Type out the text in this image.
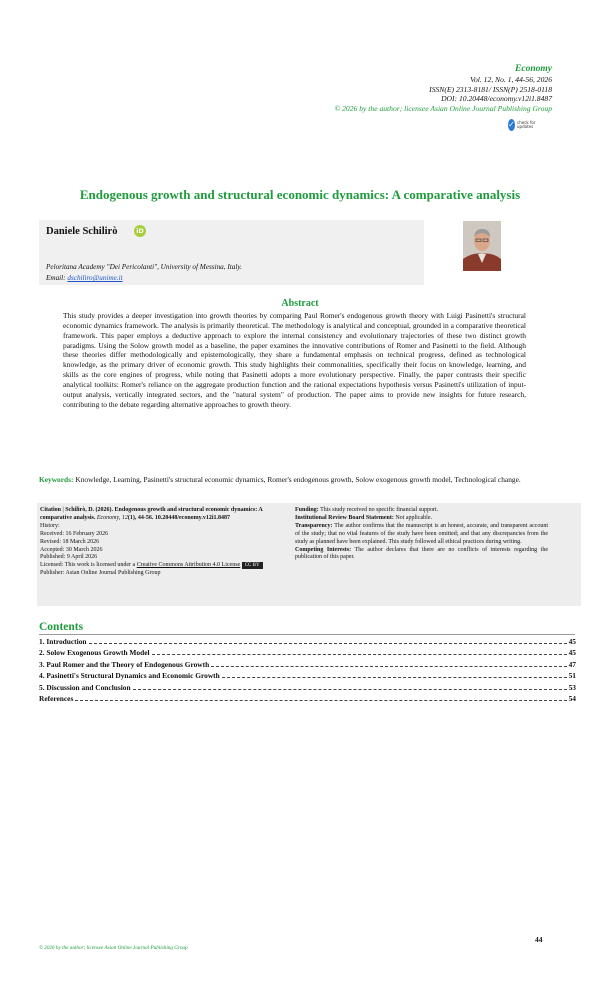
Economy
Vol. 12, No. 1, 44-56, 2026
ISSN(E) 2313-8181/ ISSN(P) 2518-0118
DOI: 10.20448/economy.v12i1.8487
© 2026 by the author; licensee Asian Online Journal Publishing Group
✓ check for updates
Endogenous growth and structural economic dynamics: A comparative analysis
Daniele Schilirò	iD
Peloritana Academy "Dei Pericolanti", University of Messina, Italy.
Email: dschiliro@unime.it
Abstract
This study provides a deeper investigation into growth theories by comparing Paul Romer's endogenous growth theory with Luigi Pasinetti's structural economic dynamics framework. The analysis is primarily theoretical. The methodology is analytical and conceptual, grounded in a comparative theoretical framework. This paper employs a deductive approach to explore the internal consistency and evolutionary trajectories of these two distinct growth paradigms. Using the Solow growth model as a baseline, the paper examines the innovative contributions of Romer and Pasinetti to the field. Although these theories differ methodologically and epistemologically, they share a fundamental emphasis on technical progress, defined as technological knowledge, as the primary driver of economic growth. This study highlights their commonalities, specifically their focus on knowledge, learning, and skills as the core engines of progress, while noting that Pasinetti adopts a more evolutionary perspective. Finally, the paper contrasts their specific analytical toolkits: Romer's reliance on the aggregate production function and the rational expectations hypothesis versus Pasinetti's utilization of input-output analysis, vertically integrated sectors, and the "natural system" of production. The paper aims to provide new insights for future research, contributing to the debate regarding alternative approaches to growth theory.
Keywords: Knowledge, Learning, Pasinetti's structural economic dynamics, Romer's endogenous growth, Solow exogenous growth model, Technological change.
Citation | Schilirò, D. (2026). Endogenous growth and structural economic dynamics: A comparative analysis. Economy, 12(1), 44-56. 10.20448/economy.v12i1.8487
History:
Received: 16 February 2026
Revised: 18 March 2026
Accepted: 30 March 2026
Published: 9 April 2026
Licensed: This work is licensed under a Creative Commons Attribution 4.0 License CC BY
Publisher: Asian Online Journal Publishing Group
Funding: This study received no specific financial support.
Institutional Review Board Statement: Not applicable.
Transparency: The author confirms that the manuscript is an honest, accurate, and transparent account of the study; that no vital features of the study have been omitted; and that any discrepancies from the study as planned have been explained. This study followed all ethical practices during writing.
Competing Interests: The author declares that there are no conflicts of interests regarding the publication of this paper.
Contents
1. Introduction	45
2. Solow Exogenous Growth Model	45
3. Paul Romer and the Theory of Endogenous Growth	47
4. Pasinetti's Structural Dynamics and Economic Growth	51
5. Discussion and Conclusion	53
References	54
44
© 2026 by the author; licensee Asian Online Journal Publishing Group
